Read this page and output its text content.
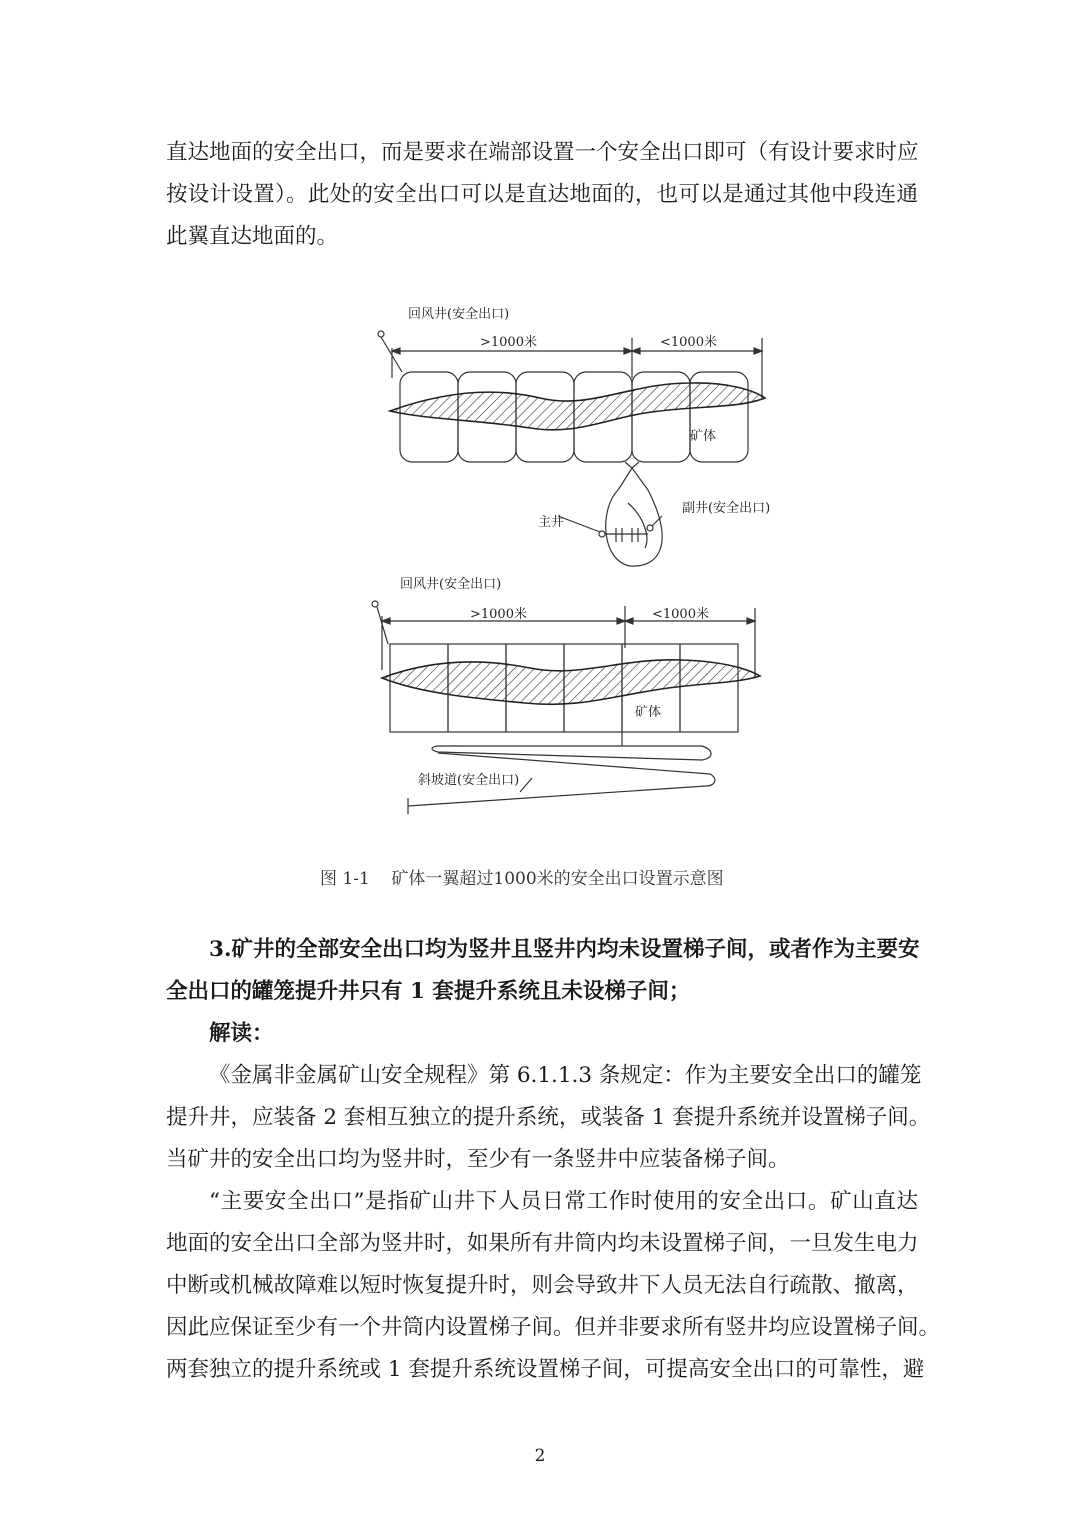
直达地面的安全出口，而是要求在端部设置一个安全出口即可（有设计要求时应
按设计设置）。此处的安全出口可以是直达地面的，也可以是通过其他中段连通
此翼直达地面的。
回风井(安全出口)
>1000米	<1000米
矿体
主井
副井(安全出口)
回风井(安全出口)
>1000米	<1000米
矿体
斜坡道(安全出口)
图 1-1    矿体一翼超过1000米的安全出口设置示意图
3.矿井的全部安全出口均为竖井且竖井内均未设置梯子间，或者作为主要安
全出口的罐笼提升井只有 1 套提升系统且未设梯子间；
解读：
《金属非金属矿山安全规程》第 6.1.1.3 条规定：作为主要安全出口的罐笼
提升井，应装备 2 套相互独立的提升系统，或装备 1 套提升系统并设置梯子间。
当矿井的安全出口均为竖井时，至少有一条竖井中应装备梯子间。
“主要安全出口”是指矿山井下人员日常工作时使用的安全出口。矿山直达
地面的安全出口全部为竖井时，如果所有井筒内均未设置梯子间，一旦发生电力
中断或机械故障难以短时恢复提升时，则会导致井下人员无法自行疏散、撤离，
因此应保证至少有一个井筒内设置梯子间。但并非要求所有竖井均应设置梯子间。
两套独立的提升系统或 1 套提升系统设置梯子间，可提高安全出口的可靠性，避
2
